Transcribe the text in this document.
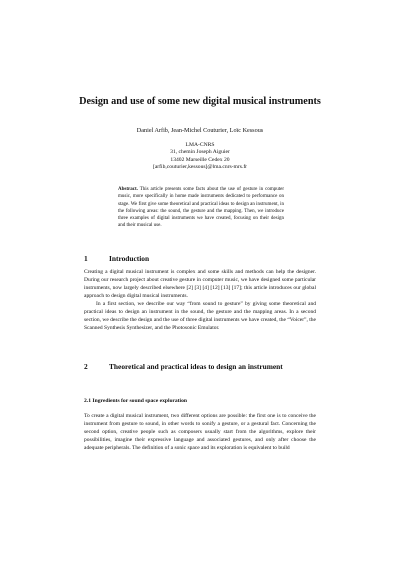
Design and use of some new digital musical instruments
Daniel Arfib, Jean-Michel Couturier, Loïc Kessous
LMA-CNRS
31, chemin Joseph Aiguier
13402 Marseille Cedex 20
[arfib,couturier,kessous]@lma.cnrs-mrs.fr
Abstract. This article presents some facts about the use of gesture in computer music, more specifically in home made instruments dedicated to performance on stage. We first give some theoretical and practical ideas to design an instrument, in the following areas: the sound, the gesture and the mapping. Then, we introduce three examples of digital instruments we have created, focusing on their design and their musical use.
1	Introduction
Creating a digital musical instrument is complex and some skills and methods can help the designer. During our research project about creative gesture in computer music, we have designed some particular instruments, now largely described elsewhere [2] [3] [4] [12] [13] [17]; this article introduces our global approach to design digital musical instruments.
In a first section, we describe our way “from sound to gesture” by giving some theoretical and practical ideas to design an instrument in the sound, the gesture and the mapping areas. In a second section, we describe the design and the use of three digital instruments we have created, the “Voicer”, the Scanned Synthesis Synthesizer, and the Photosonic Emulator.
2	Theoretical and practical ideas to design an instrument
2.1 Ingredients for sound space exploration
To create a digital musical instrument, two different options are possible: the first one is to conceive the instrument from gesture to sound, in other words to sonify a gesture, or a gestural fact. Concerning the second option, creative people such as composers usually start from the algorithms, explore their possibilities, imagine their expressive language and associated gestures, and only after choose the adequate peripherals. The definition of a sonic space and its exploration is equivalent to build
